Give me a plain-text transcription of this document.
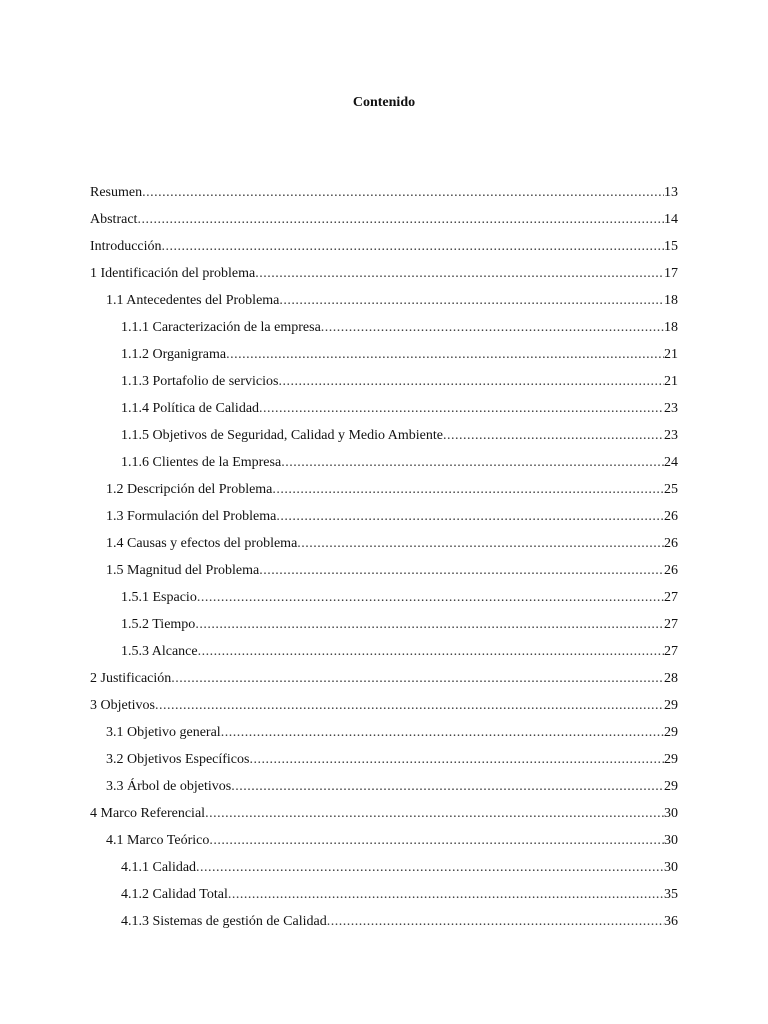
Contenido
Resumen .....	13
Abstract .....	14
Introducción .....	15
1 Identificación del problema .....	17
1.1 Antecedentes del Problema .....	18
1.1.1 Caracterización de la empresa .....	18
1.1.2 Organigrama .....	21
1.1.3 Portafolio de servicios .....	21
1.1.4 Política de Calidad .....	23
1.1.5 Objetivos de Seguridad, Calidad y Medio Ambiente .....	23
1.1.6 Clientes de la Empresa .....	24
1.2 Descripción del Problema .....	25
1.3 Formulación del Problema .....	26
1.4 Causas y efectos del problema .....	26
1.5 Magnitud del Problema .....	26
1.5.1 Espacio .....	27
1.5.2 Tiempo .....	27
1.5.3 Alcance .....	27
2 Justificación .....	28
3 Objetivos .....	29
3.1 Objetivo general .....	29
3.2 Objetivos Específicos .....	29
3.3 Árbol de objetivos .....	29
4 Marco Referencial .....	30
4.1 Marco Teórico .....	30
4.1.1 Calidad .....	30
4.1.2 Calidad Total .....	35
4.1.3 Sistemas de gestión de Calidad .....	36
